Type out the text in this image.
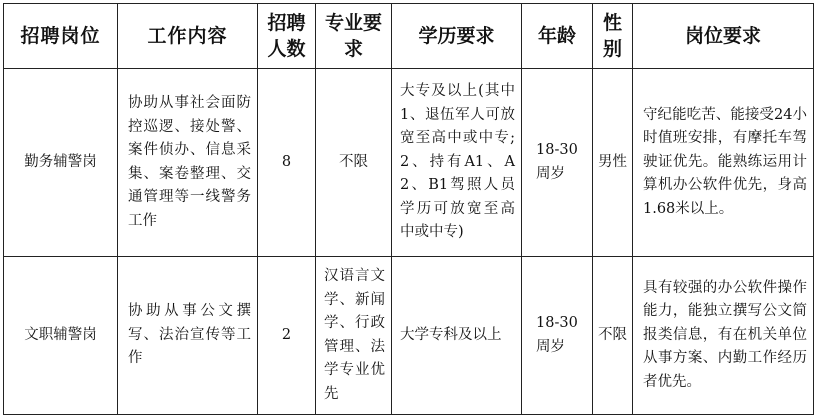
招聘岗位	工作内容	招聘人数	专业要求	学历要求	年龄	性别	岗位要求
勤务辅警岗	协助从事社会面防控巡逻、接处警、案件侦办、信息采集、案卷整理、交通管理等一线警务工作	8	不限	大专及以上(其中1、退伍军人可放宽至高中或中专;2、持有A1、A2、B1驾照人员学历可放宽至高中或中专)	18-30周岁	男性	守纪能吃苦、能接受24小时值班安排，有摩托车驾驶证优先。能熟练运用计算机办公软件优先，身高1.68米以上。
文职辅警岗	协助从事公文撰写、法治宣传等工作	2	汉语言文学、新闻学、行政管理、法学专业优先	大学专科及以上	18-30周岁	不限	具有较强的办公软件操作能力，能独立撰写公文简报类信息，有在机关单位从事方案、内勤工作经历者优先。
